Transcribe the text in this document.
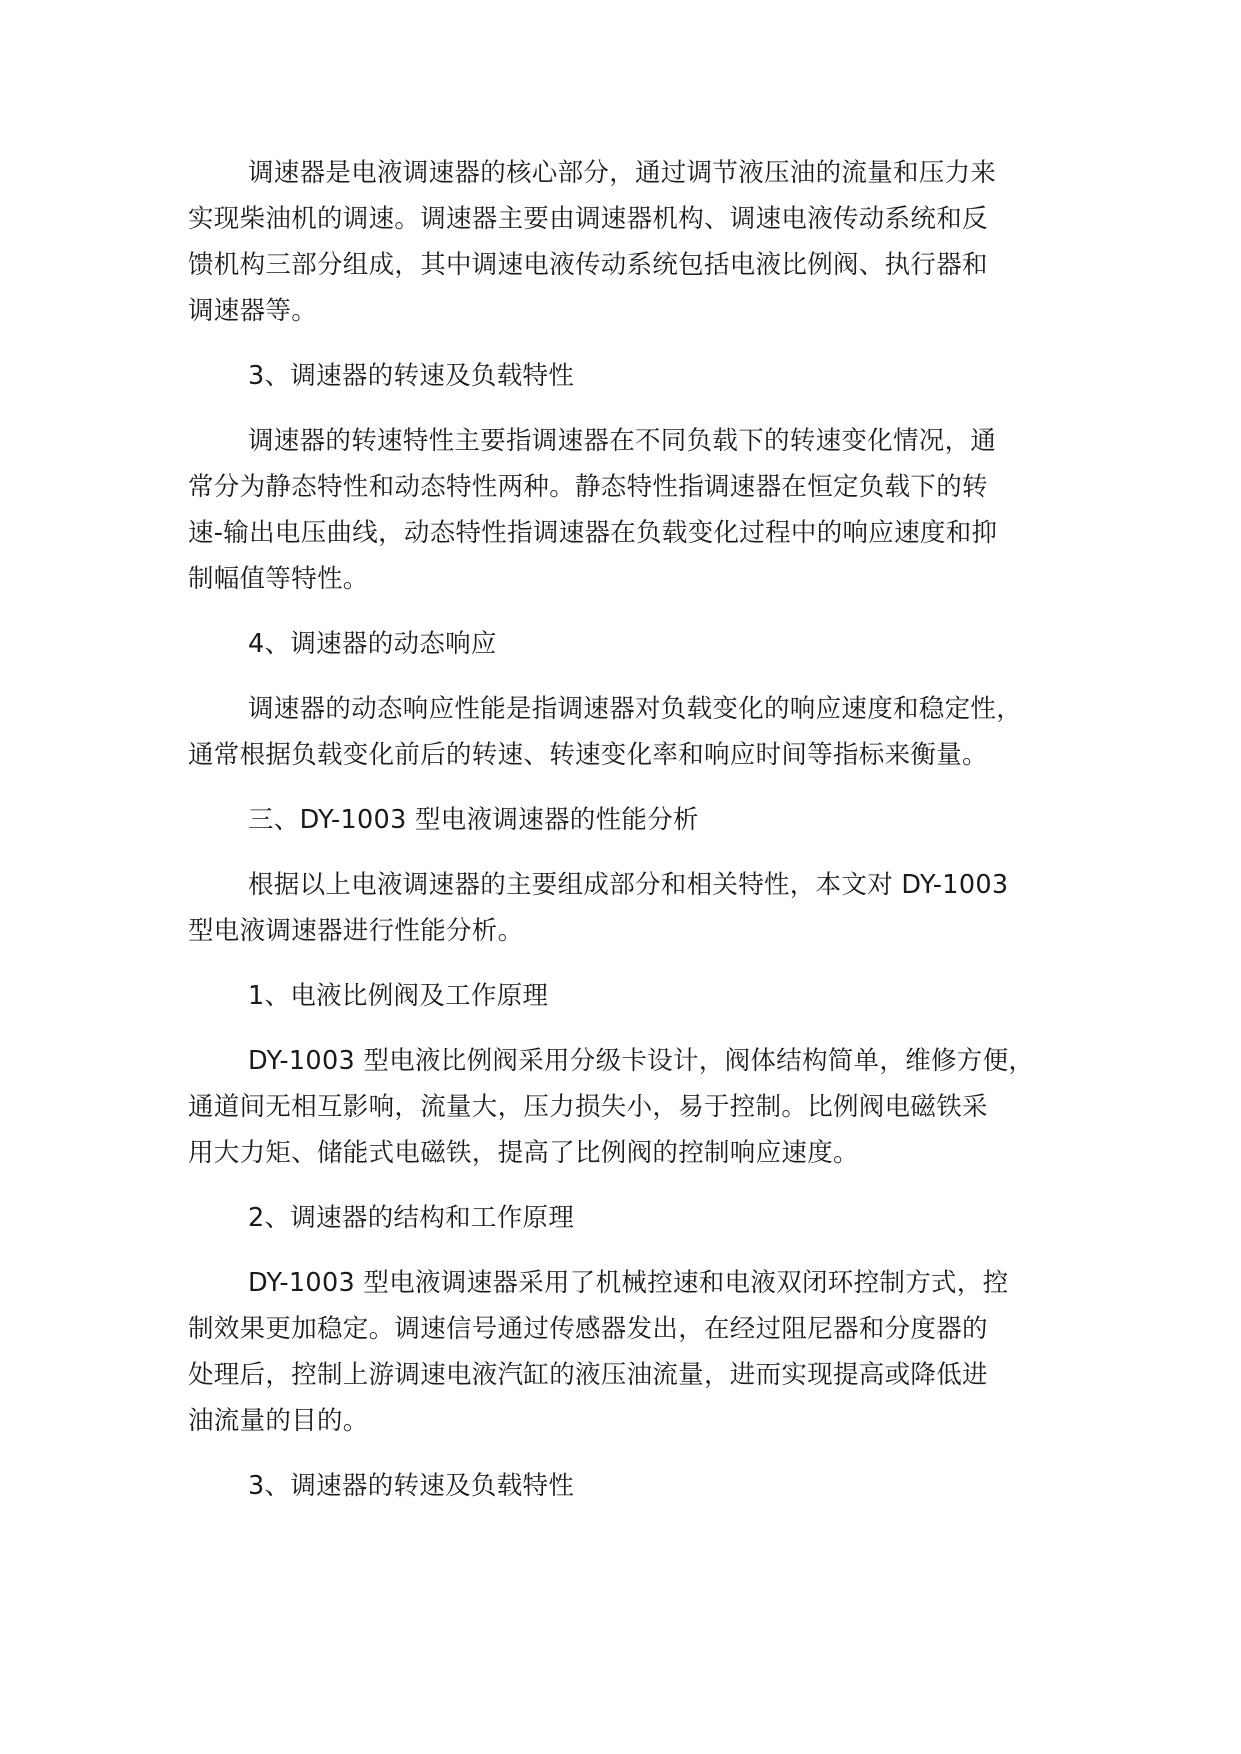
调速器是电液调速器的核心部分，通过调节液压油的流量和压力来
实现柴油机的调速。调速器主要由调速器机构、调速电液传动系统和反
馈机构三部分组成，其中调速电液传动系统包括电液比例阀、执行器和
调速器等。
3、调速器的转速及负载特性
调速器的转速特性主要指调速器在不同负载下的转速变化情况，通
常分为静态特性和动态特性两种。静态特性指调速器在恒定负载下的转
速-输出电压曲线，动态特性指调速器在负载变化过程中的响应速度和抑
制幅值等特性。
4、调速器的动态响应
调速器的动态响应性能是指调速器对负载变化的响应速度和稳定性，
通常根据负载变化前后的转速、转速变化率和响应时间等指标来衡量。
三、DY-1003 型电液调速器的性能分析
根据以上电液调速器的主要组成部分和相关特性，本文对 DY-1003
型电液调速器进行性能分析。
1、电液比例阀及工作原理
DY-1003 型电液比例阀采用分级卡设计，阀体结构简单，维修方便，
通道间无相互影响，流量大，压力损失小，易于控制。比例阀电磁铁采
用大力矩、储能式电磁铁，提高了比例阀的控制响应速度。
2、调速器的结构和工作原理
DY-1003 型电液调速器采用了机械控速和电液双闭环控制方式，控
制效果更加稳定。调速信号通过传感器发出，在经过阻尼器和分度器的
处理后，控制上游调速电液汽缸的液压油流量，进而实现提高或降低进
油流量的目的。
3、调速器的转速及负载特性
